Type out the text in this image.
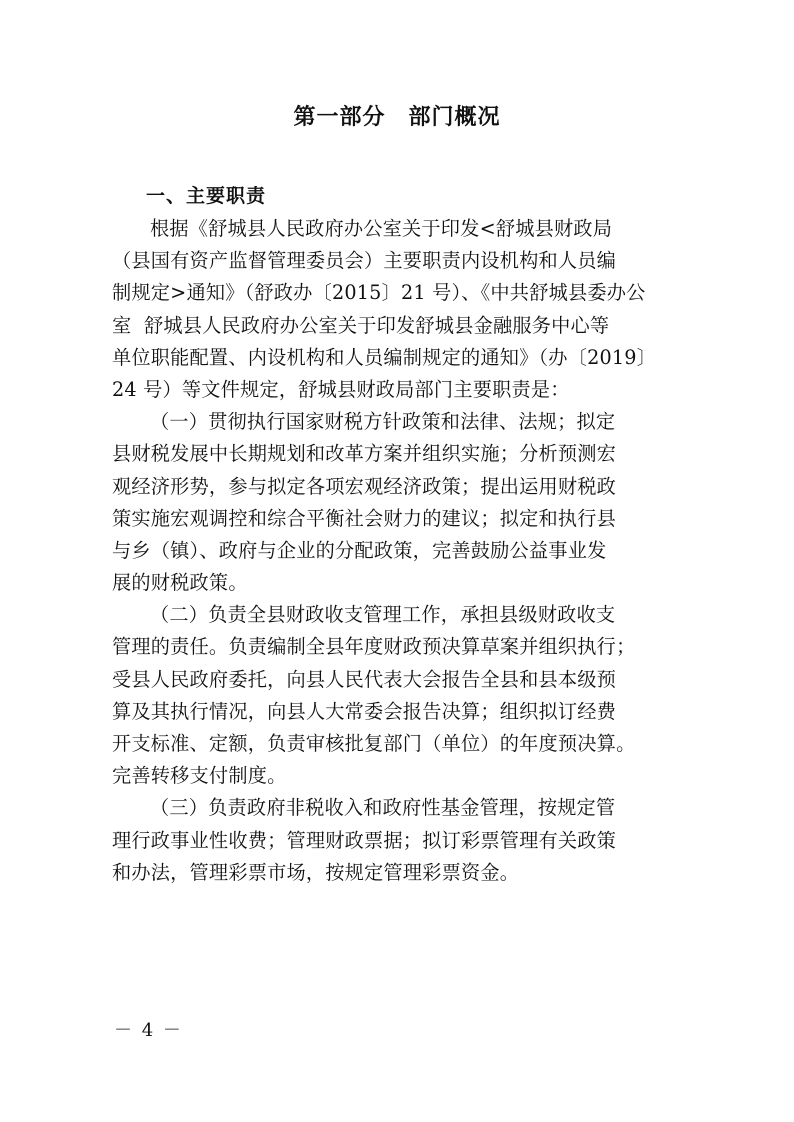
第一部分　部门概况
一、主要职责
根据《舒城县人民政府办公室关于印发<舒城县财政局
（县国有资产监督管理委员会）主要职责内设机构和人员编
制规定>通知》（舒政办〔2015〕21 号）、《中共舒城县委办公
室  舒城县人民政府办公室关于印发舒城县金融服务中心等
单位职能配置、内设机构和人员编制规定的通知》（办〔2019〕
24 号）等文件规定，舒城县财政局部门主要职责是：
（一）贯彻执行国家财税方针政策和法律、法规；拟定
县财税发展中长期规划和改革方案并组织实施；分析预测宏
观经济形势，参与拟定各项宏观经济政策；提出运用财税政
策实施宏观调控和综合平衡社会财力的建议；拟定和执行县
与乡（镇）、政府与企业的分配政策，完善鼓励公益事业发
展的财税政策。
（二）负责全县财政收支管理工作，承担县级财政收支
管理的责任。负责编制全县年度财政预决算草案并组织执行；
受县人民政府委托，向县人民代表大会报告全县和县本级预
算及其执行情况，向县人大常委会报告决算；组织拟订经费
开支标准、定额，负责审核批复部门（单位）的年度预决算。
完善转移支付制度。
（三）负责政府非税收入和政府性基金管理，按规定管
理行政事业性收费；管理财政票据；拟订彩票管理有关政策
和办法，管理彩票市场，按规定管理彩票资金。
－ 4 －
